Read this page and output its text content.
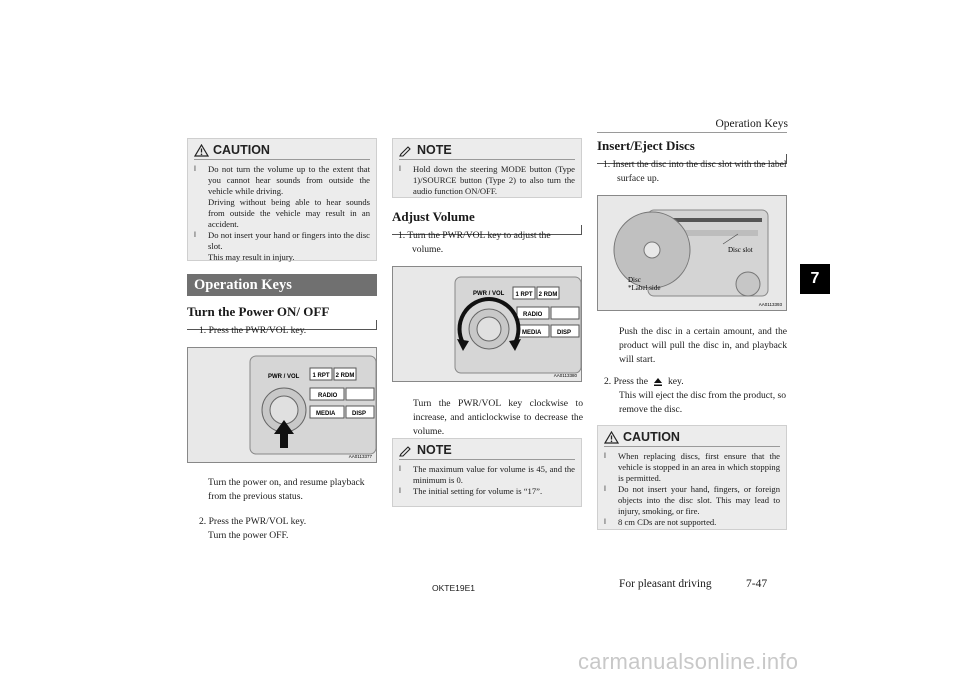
Operation Keys
7
CAUTION
l	Do not turn the volume up to the extent that you cannot hear sounds from outside the vehicle while driving.
Driving without being able to hear sounds from outside the vehicle may result in an accident.
l	Do not insert your hand or fingers into the disc slot.
This may result in injury.
Operation Keys
Turn the Power ON/ OFF
1. Press the PWR/VOL key.
1 RPT 2 RDM
PWR / VOL
RADIO
MEDIA	DISP
AA0113377
Turn the power on, and resume playback from the previous status.
2. Press the PWR/VOL key.
Turn the power OFF.
NOTE
l	Hold down the steering MODE button (Type 1)/SOURCE button (Type 2) to also turn the audio function ON/OFF.
Adjust Volume
1. Turn the PWR/VOL key to adjust the volume.
1 RPT 2 RDM
PWR / VOL
RADIO
MEDIA	DISP
AA0113380
Turn the PWR/VOL key clockwise to increase, and anticlockwise to decrease the volume.
NOTE
l	The maximum value for volume is 45, and the minimum is 0.
l	The initial setting for volume is “17”.
Insert/Eject Discs
1. Insert the disc into the disc slot with the label surface up.
Disc slot
Disc
*Label side
AA0113393
Push the disc in a certain amount, and the product will pull the disc in, and playback will start.
2. Press the key.
This will eject the disc from the product, so remove the disc.
CAUTION
l	When replacing discs, first ensure that the vehicle is stopped in an area in which stopping is permitted.
l	Do not insert your hand, fingers, or foreign objects into the disc slot. This may lead to injury, smoking, or fire.
l	8 cm CDs are not supported.
OKTE19E1	For pleasant driving	7-47
carmanualsonline.info
